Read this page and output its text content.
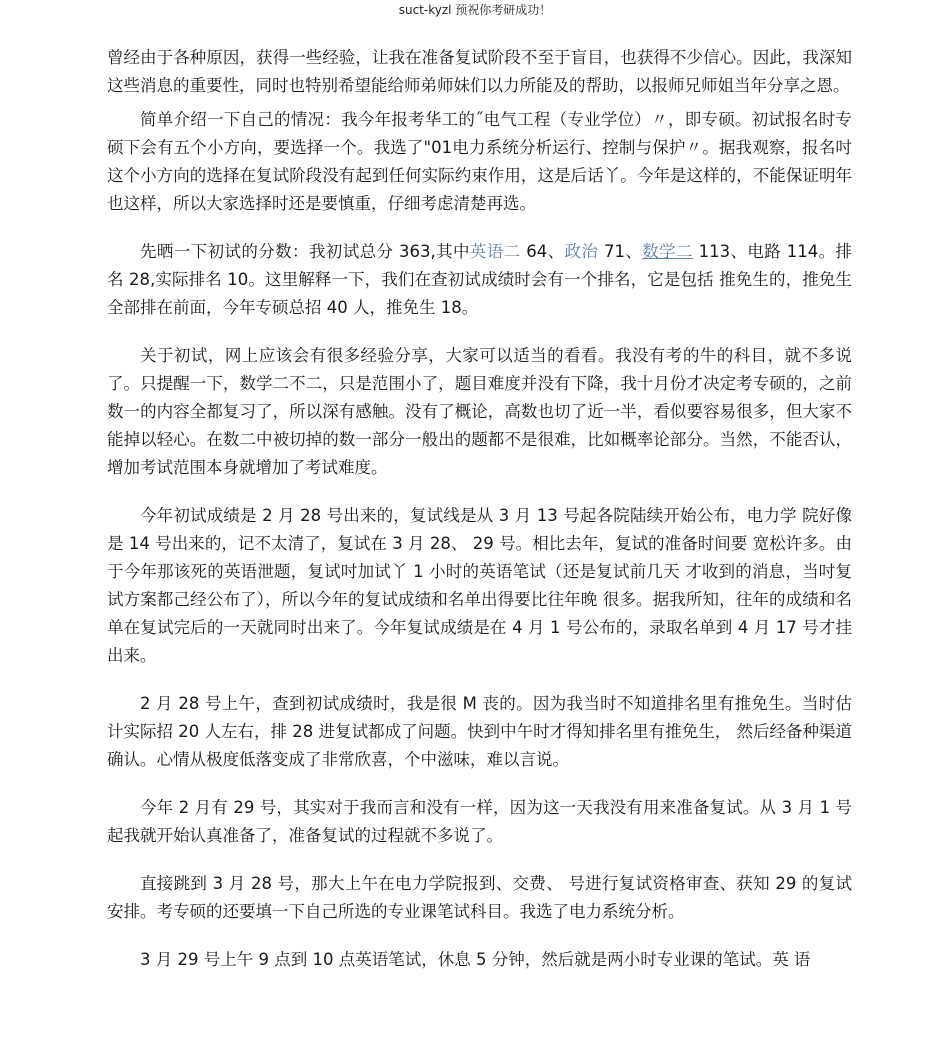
suct-kyzl 预祝你考研成功！

曾经由于各种原因，获得一些经验，让我在准备复试阶段不至于盲目，也获得不少信心。因此，我深知这些消息的重要性，同时也特别希望能给师弟师妹们以力所能及的帮助，以报师兄师姐当年分享之恩。

简单介绍一下自己的情况：我今年报考华工的˝电气工程（专业学位）〃，即专硕。初试报名时专硕下会有五个小方向，要选择一个。我选了"01电力系统分析运行、控制与保护〃。据我观察，报名吋这个小方向的选择在复试阶段没有起到任何实际约束作用，这是后话丫。今年是这样的，不能保证明年也这样，所以大家选择时还是要慎重，仔细考虑清楚再选。

先晒一下初试的分数：我初试总分 363,其中英语二 64、政治 71、数学二 113、电路 114。排名 28,实际排名 10。这里解释一下，我们在查初试成绩时会有一个排名，它是包括 推免生的，推免生全部排在前面，今年专硕总招 40 人，推免生 18。

关于初试，网上应该会有很多经验分享，大家可以适当的看看。我没有考的牛的科目，就不多说了。只提醒一下，数学二不二，只是范围小了，题目难度并没有下降，我十月份才决定考专硕的，之前数一的内容全都复习了，所以深有感触。没有了概论，高数也切了近一半，看似要容易很多，但大家不能掉以轻心。在数二中被切掉的数一部分一般出的题都不是很难，比如概率论部分。当然，不能否认，增加考试范围本身就增加了考试难度。

今年初试成绩是 2 月 28 号出来的，复试线是从 3 月 13 号起各院陆续开始公布，电力学 院好像是 14 号出来的，记不太清了，复试在 3 月 28、 29 号。相比去年，复试的准备时间要 宽松许多。由于今年那该死的英语泄题，复试吋加试丫 1 小时的英语笔试（还是复试前几天 才收到的消息，当吋复试方案都己经公布了），所以今年的复试成绩和名单出得要比往年晚 很多。据我所知，往年的成绩和名单在复试完后的一天就同时出来了。今年复试成绩是在 4 月 1 号公布的，录取名单到 4 月 17 号才挂出来。

2 月 28 号上午，查到初试成绩时，我是很 M 丧的。因为我当时不知道排名里有推免生。当时估计实际招 20 人左右，排 28 进复试都成了问题。快到中午时才得知排名里有推免生， 然后经备种渠道确认。心情从极度低落变成了非常欣喜，个中滋味，难以言说。

今年 2 月有 29 号，其实对于我而言和没有一样，因为这一天我没有用来准备复试。从 3 月 1 号起我就开始认真准备了，准备复试的过程就不多说了。

直接跳到 3 月 28 号，那大上午在电力学院报到、交费、 号进行复试资格审查、获知 29 的复试安排。考专硕的还要填一下自己所选的专业课笔试科目。我选了电力系统分析。

3 月 29 号上午 9 点到 10 点英语笔试，休息 5 分钟，然后就是两小时专业课的笔试。英 语
